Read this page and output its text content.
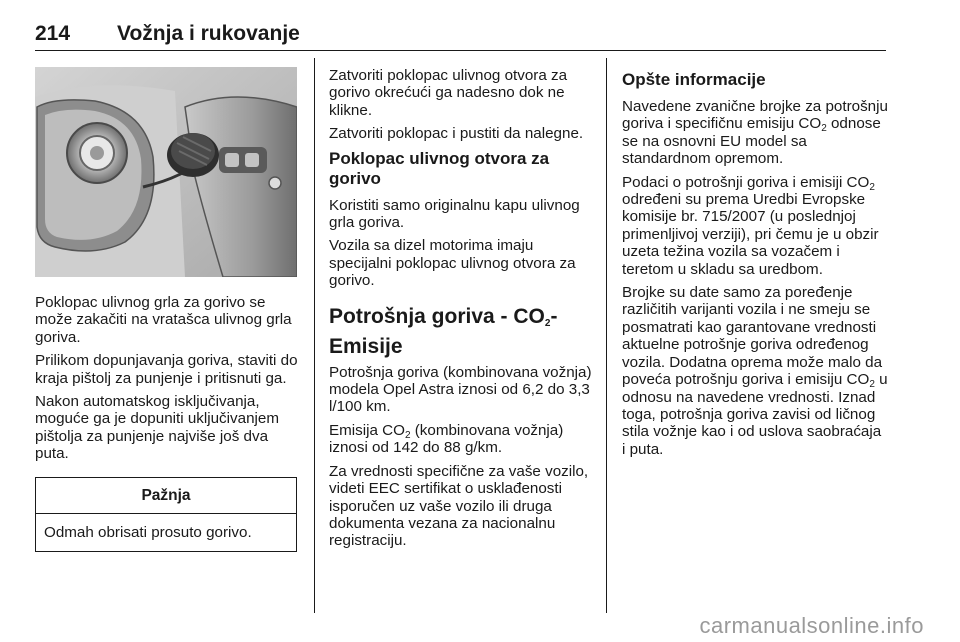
214 Vožnja i rukovanje

Poklopac ulivnog grla za gorivo se može zakačiti na vratašca ulivnog grla goriva.

Prilikom dopunjavanja goriva, staviti do kraja pištolj za punjenje i pritisnuti ga.

Nakon automatskog isključivanja, moguće ga je dopuniti uključivanjem pištolja za punjenje najviše još dva puta.

Pažnja
Odmah obrisati prosuto gorivo.

Zatvoriti poklopac ulivnog otvora za gorivo okrećući ga nadesno dok ne klikne.

Zatvoriti poklopac i pustiti da nalegne.

Poklopac ulivnog otvora za gorivo

Koristiti samo originalnu kapu ulivnog grla goriva.

Vozila sa dizel motorima imaju specijalni poklopac ulivnog otvora za gorivo.

Potrošnja goriva - $CO_2-$
Emisije

Potrošnja goriva (kombinovana vožnja) modela Opel Astra iznosi od 6,2 do 3,3 l/100 km.

Emisija $CO_2$ (kombinovana vožnja) iznosi od 142 do 88 g/km.

Za vrednosti specifične za vaše vozilo, videti EEC sertifikat o usklađenosti isporučen uz vaše vozilo ili druga dokumenta vezana za nacionalnu registraciju.

Opšte informacije

Navedene zvanične brojke za potrošnju goriva i specifičnu emisiju $CO_2$ odnose se na osnovni EU model sa standardnom opremom.

Podaci o potrošnji goriva i emisiji $CO_2$ određeni su prema Uredbi Evropske komisije br. 715/2007 (u poslednjoj primenljivoj verziji), pri čemu je u obzir uzeta težina vozila sa vozačem i teretom u skladu sa uredbom.

Brojke su date samo za poređenje različitih varijanti vozila i ne smeju se posmatrati kao garantovane vrednosti aktuelne potrošnje goriva određenog vozila. Dodatna oprema može malo da poveća potrošnju goriva i emisiju $CO_2$ u odnosu na navedene vrednosti. Iznad toga, potrošnja goriva zavisi od ličnog stila vožnje kao i od uslova saobraćaja i puta.

carmanualsonline.info
